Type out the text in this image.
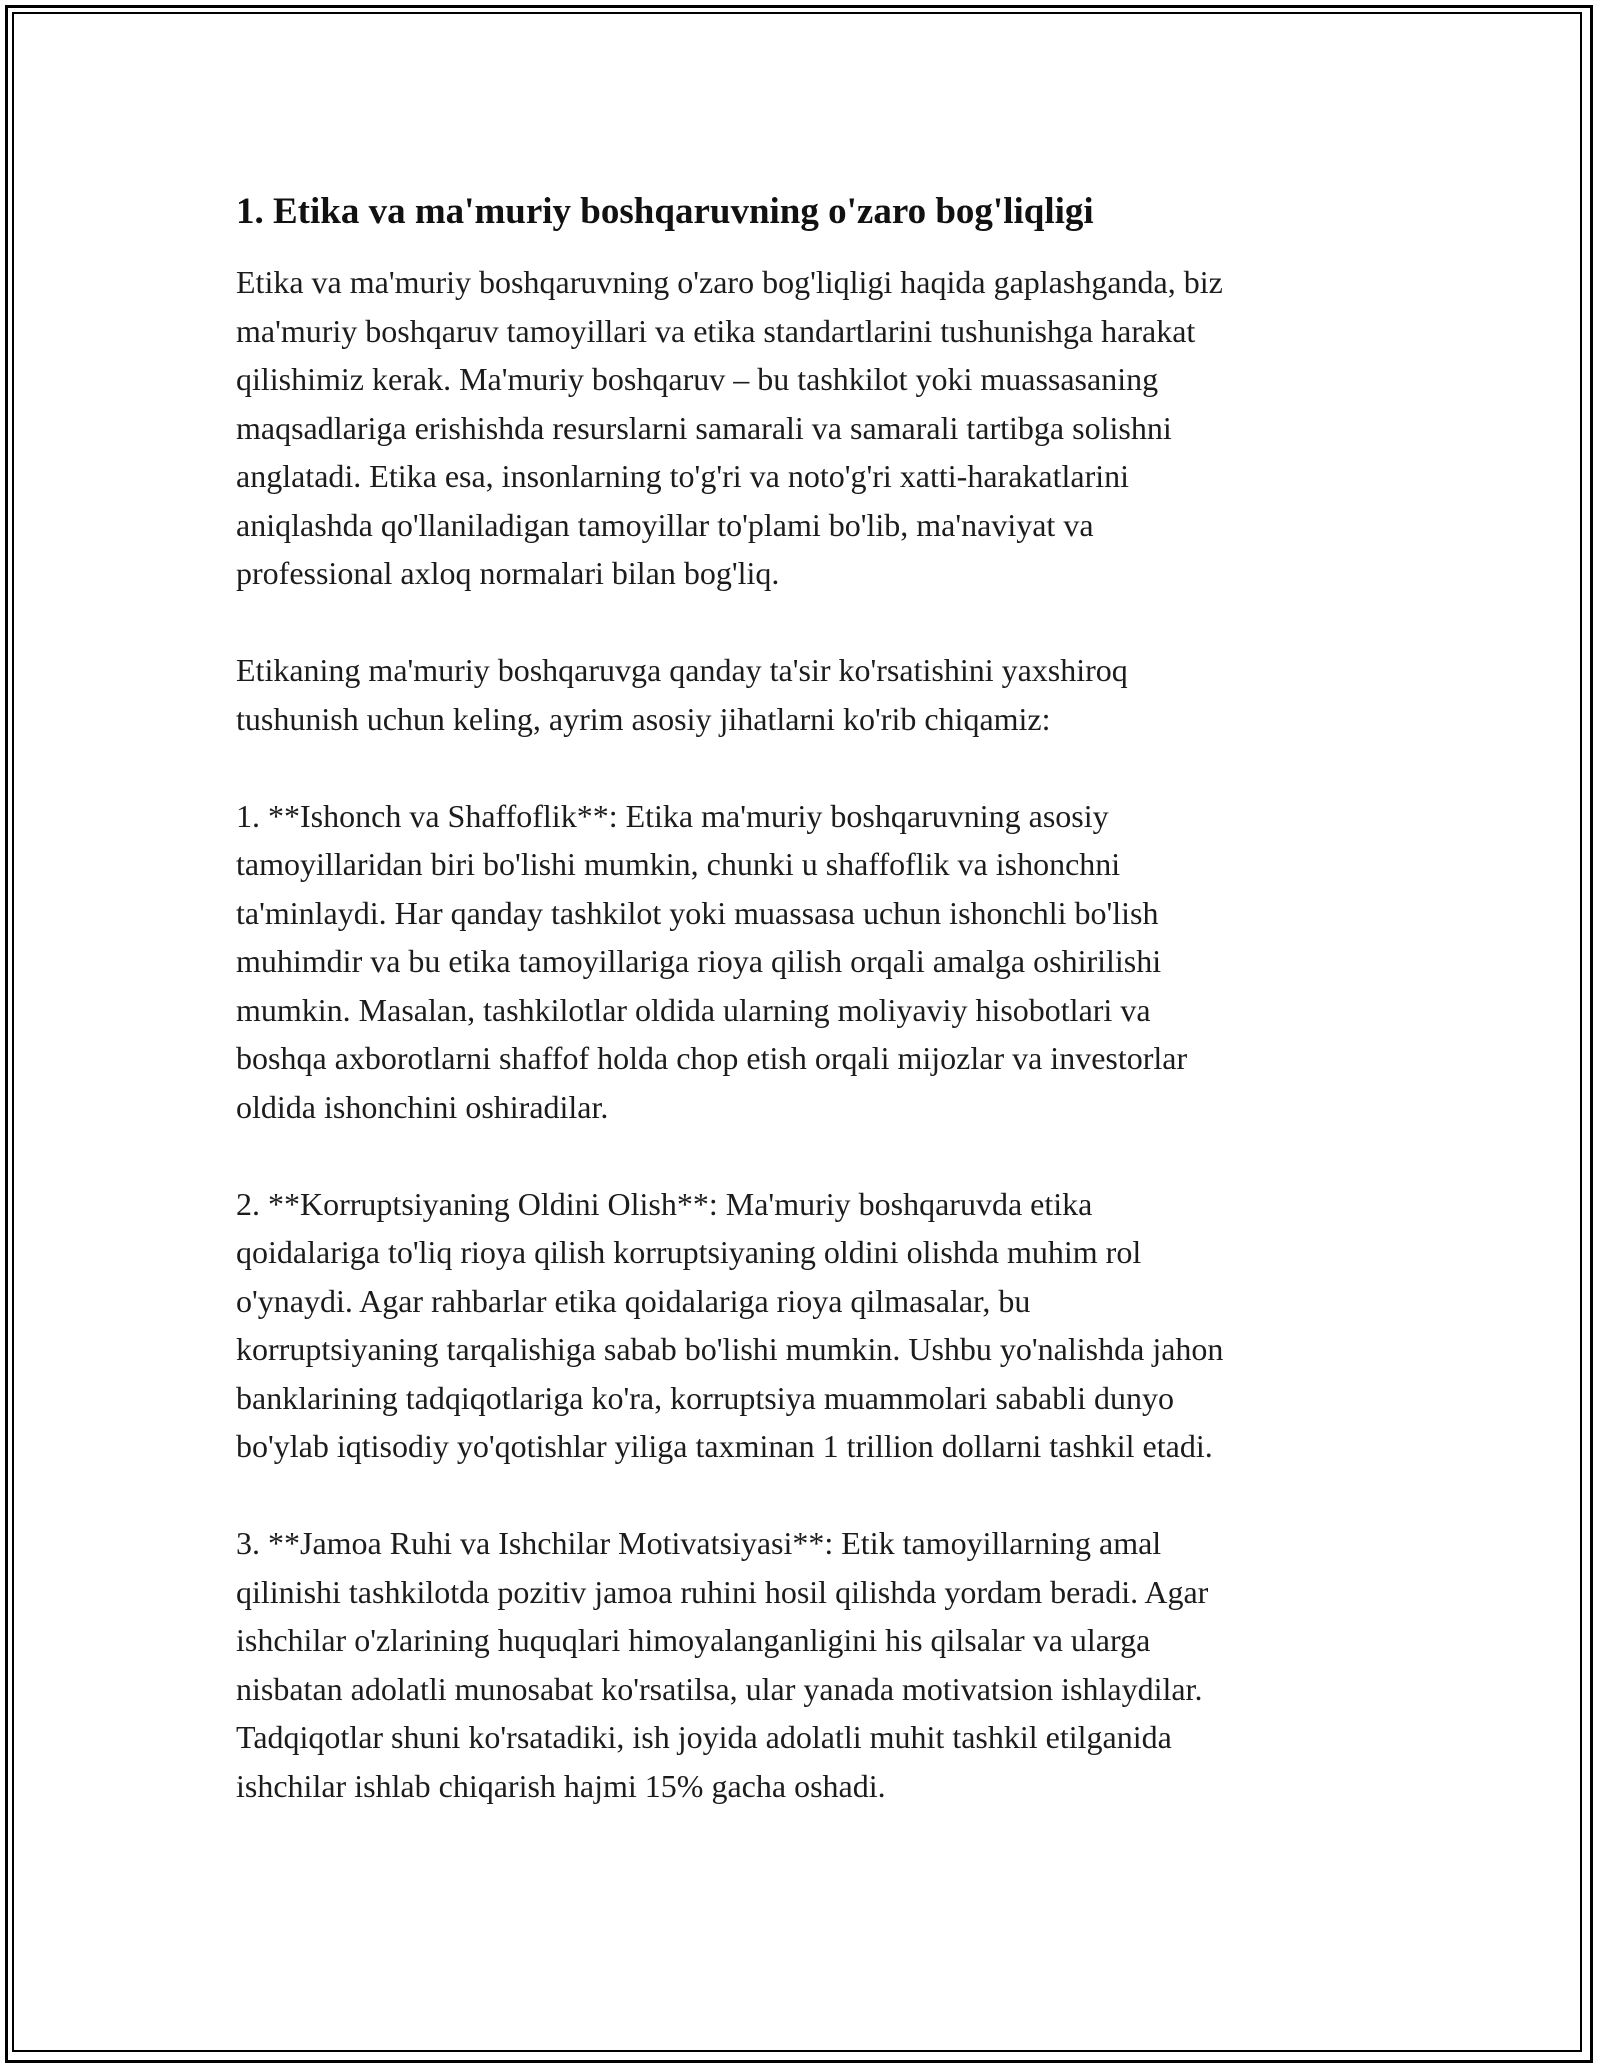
1. Etika va ma'muriy boshqaruvning o'zaro bog'liqligi

Etika va ma'muriy boshqaruvning o'zaro bog'liqligi haqida gaplashganda, biz
ma'muriy boshqaruv tamoyillari va etika standartlarini tushunishga harakat
qilishimiz kerak. Ma'muriy boshqaruv – bu tashkilot yoki muassasaning
maqsadlariga erishishda resurslarni samarali va samarali tartibga solishni
anglatadi. Etika esa, insonlarning to'g'ri va noto'g'ri xatti-harakatlarini
aniqlashda qo'llaniladigan tamoyillar to'plami bo'lib, ma'naviyat va
professional axloq normalari bilan bog'liq.

Etikaning ma'muriy boshqaruvga qanday ta'sir ko'rsatishini yaxshiroq
tushunish uchun keling, ayrim asosiy jihatlarni ko'rib chiqamiz:

1. **Ishonch va Shaffoflik**: Etika ma'muriy boshqaruvning asosiy
tamoyillaridan biri bo'lishi mumkin, chunki u shaffoflik va ishonchni
ta'minlaydi. Har qanday tashkilot yoki muassasa uchun ishonchli bo'lish
muhimdir va bu etika tamoyillariga rioya qilish orqali amalga oshirilishi
mumkin. Masalan, tashkilotlar oldida ularning moliyaviy hisobotlari va
boshqa axborotlarni shaffof holda chop etish orqali mijozlar va investorlar
oldida ishonchini oshiradilar.

2. **Korruptsiyaning Oldini Olish**: Ma'muriy boshqaruvda etika
qoidalariga to'liq rioya qilish korruptsiyaning oldini olishda muhim rol
o'ynaydi. Agar rahbarlar etika qoidalariga rioya qilmasalar, bu
korruptsiyaning tarqalishiga sabab bo'lishi mumkin. Ushbu yo'nalishda jahon
banklarining tadqiqotlariga ko'ra, korruptsiya muammolari sababli dunyo
bo'ylab iqtisodiy yo'qotishlar yiliga taxminan 1 trillion dollarni tashkil etadi.

3. **Jamoa Ruhi va Ishchilar Motivatsiyasi**: Etik tamoyillarning amal
qilinishi tashkilotda pozitiv jamoa ruhini hosil qilishda yordam beradi. Agar
ishchilar o'zlarining huquqlari himoyalanganligini his qilsalar va ularga
nisbatan adolatli munosabat ko'rsatilsa, ular yanada motivatsion ishlaydilar.
Tadqiqotlar shuni ko'rsatadiki, ish joyida adolatli muhit tashkil etilganida
ishchilar ishlab chiqarish hajmi 15% gacha oshadi.
